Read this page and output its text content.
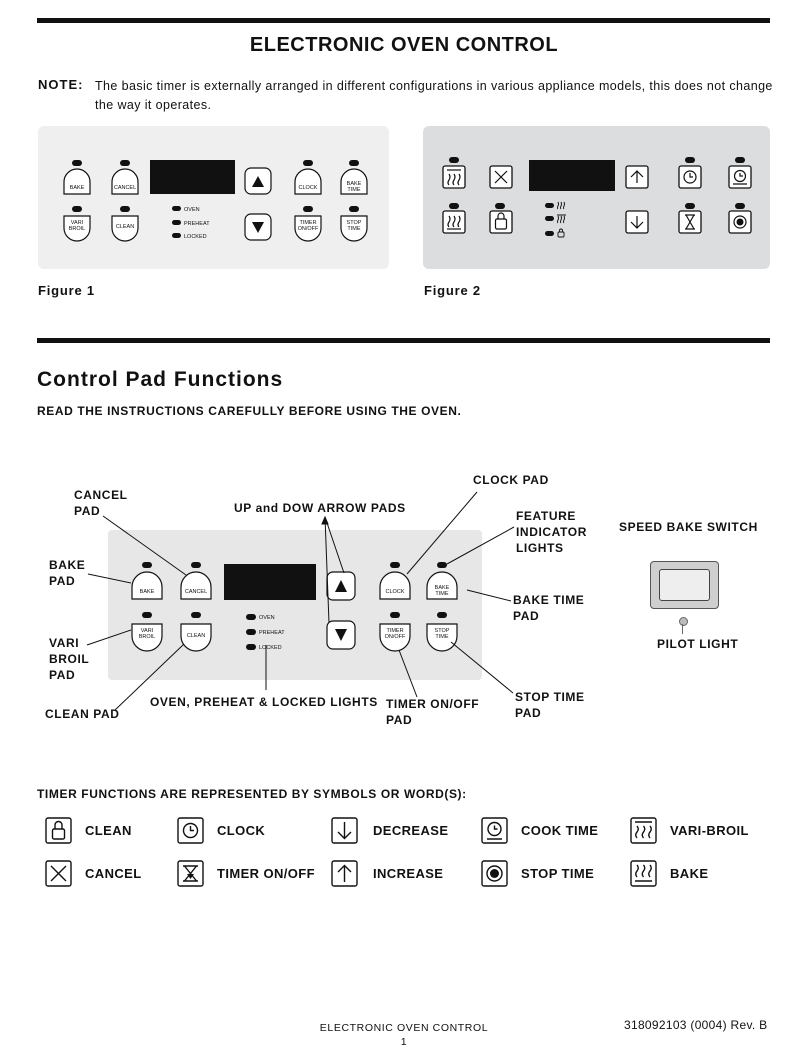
ELECTRONIC OVEN CONTROL
NOTE: The basic timer is externally arranged in different configurations in various appliance models, this does not change the way it operates.
BAKE	CANCEL	CLOCK
BAKE TIME
VARI BROIL	CLEAN
TIMER ON/OFF
STOP TIME
OVEN
PREHEAT
LOCKED
Figure 1	Figure 2
Control Pad Functions
READ THE INSTRUCTIONS CAREFULLY BEFORE USING THE OVEN.
BAKE	CANCEL	CLOCK
BAKE TIME
VARI BROIL	CLEAN
TIMER ON/OFF
STOP TIME
OVEN
PREHEAT
LOCKED
CANCEL PAD
BAKE PAD
VARI BROIL PAD
CLEAN PAD
UP and DOW ARROW PADS
OVEN, PREHEAT & LOCKED LIGHTS
CLOCK PAD
FEATURE INDICATOR LIGHTS
BAKE TIME PAD
TIMER ON/OFF PAD
STOP TIME PAD
SPEED BAKE SWITCH
PILOT LIGHT
TIMER FUNCTIONS ARE REPRESENTED BY SYMBOLS OR WORD(S):
CLEAN	CLOCK	DECREASE	COOK TIME	VARI-BROIL
CANCEL	TIMER ON/OFF	INCREASE	STOP TIME	BAKE
ELECTRONIC OVEN CONTROL
1
318092103 (0004) Rev. B
